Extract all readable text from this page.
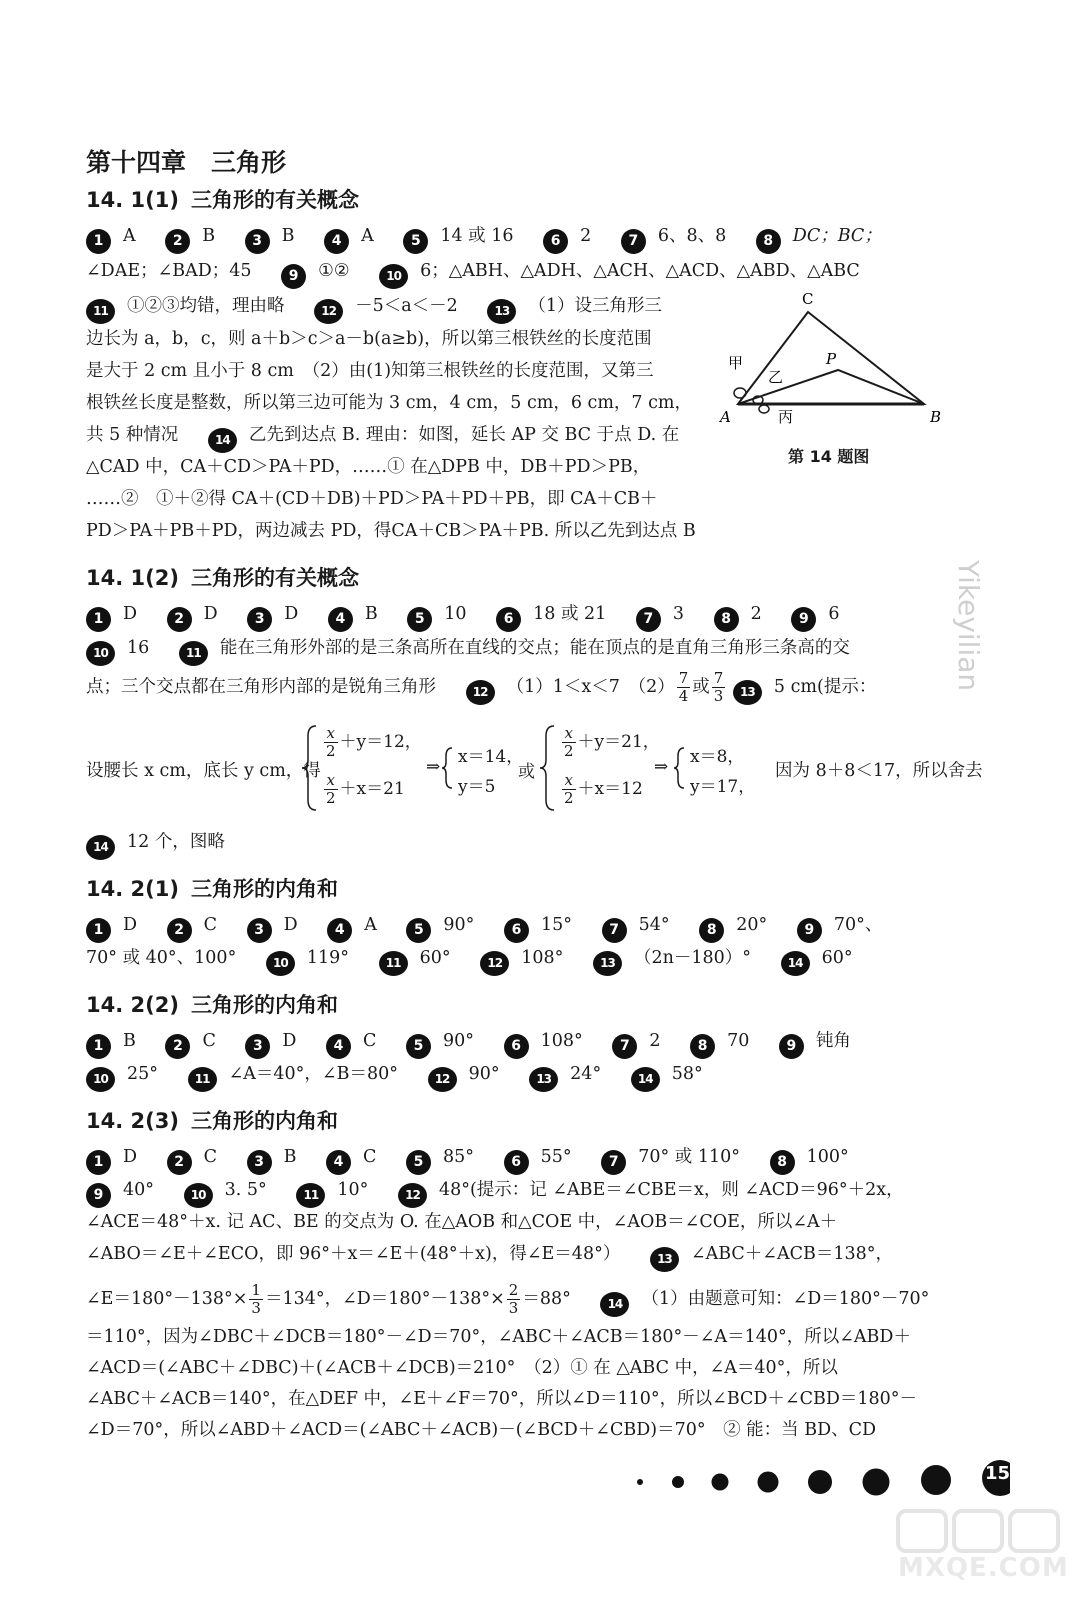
第十四章　三角形
14. 1(1) 三角形的有关概念
1 A	2 B	3 B	4 A	5 14 或 16	6 2	7 6、8、8	8 DC；BC；
∠DAE；∠BAD；45	9 ①②	10 6；△ABH、△ADH、△ACH、△ACD、△ABD、△ABC
11 ①②③均错，理由略	12 －5＜a＜－2	13 （1）设三角形三
边长为 a，b，c，则 a＋b＞c＞a－b(a≥b)，所以第三根铁丝的长度范围
是大于 2 cm 且小于 8 cm　（2）由(1)知第三根铁丝的长度范围，又第三
根铁丝长度是整数，所以第三边可能为 3 cm，4 cm，5 cm，6 cm，7 cm，
共 5 种情况	14 乙先到达点 B. 理由：如图，延长 AP 交 BC 于点 D. 在
△CAD 中，CA＋CD＞PA＋PD，……① 在△DPB 中，DB＋PD＞PB，
……②　①＋②得 CA＋(CD＋DB)＋PD＞PA＋PD＋PB，即 CA＋CB＋
PD＞PA＋PB＋PD，两边减去 PD，得CA＋CB＞PA＋PB. 所以乙先到达点 B
C
P
A	B
甲
乙
丙
第 14 题图
14. 1(2) 三角形的有关概念
1 D	2 D	3 D	4 B	5 10	6 18 或 21	7 3	8 2	9 6
10 16	11 能在三角形外部的是三条高所在直线的交点；能在顶点的是直角三角形三条高的交
点；三个交点都在三角形内部的是锐角三角形	12 （1）1＜x＜7　$(2) \frac{7}{4}$ 或 $\frac{7}{3} 13$ 5 cm(提示：
设腰长 x cm，底长 y cm，得
$\frac{x}{2} +y=12$，
$\frac{x}{2} +x=21$
⇒ x＝14，
y＝5
或
$\frac{x}{2} +y=21$，
$\frac{x}{2} +x=12$
⇒ x＝8，
y＝17，
因为 8＋8＜17，所以舍去
14 12 个，图略
14. 2(1) 三角形的内角和
1 D	2 C	3 D	4 A	5 90°	6 15°	7 54°	8 20°	9 70°、
70° 或 40°、100°	10 119°	11 60°	12 108°	13 （2n－180）°	14 60°
14. 2(2) 三角形的内角和
1 B	2 C	3 D	4 C	5 90°	6 108°	7 2	8 70	9 钝角
10 25°	11 ∠A＝40°，∠B＝80°	12 90°	13 24°	14 58°
14. 2(3) 三角形的内角和
1 D	2 C	3 B	4 C	5 85°	6 55°	7 70° 或 110°	8 100°
9 40°	10 3. 5°	11 10°	12 48°(提示：记 ∠ABE＝∠CBE＝x，则 ∠ACD＝96°＋2x，
∠ACE＝48°＋x. 记 AC、BE 的交点为 O. 在△AOB 和△COE 中，∠AOB＝∠COE，所以∠A＋
∠ABO＝∠E＋∠ECO，即 96°＋x＝∠E＋(48°＋x)，得∠E＝48°）	13 ∠ABC＋∠ACB＝138°，
∠E＝180°－138°× $\frac{1}{3} =134^\circ$，∠D＝180°－138°× $\frac{2}{3} =88^\circ$	14 （1）由题意可知：∠D＝180°－70°
＝110°，因为∠DBC＋∠DCB＝180°－∠D＝70°，∠ABC＋∠ACB＝180°－∠A＝140°，所以∠ABD＋
∠ACD＝(∠ABC＋∠DBC)＋(∠ACB＋∠DCB)＝210°　（2）① 在 △ABC 中，∠A＝40°，所以
∠ABC＋∠ACB＝140°，在△DEF 中，∠E＋∠F＝70°，所以∠D＝110°，所以∠BCD＋∠CBD＝180°－
∠D＝70°，所以∠ABD＋∠ACD＝(∠ABC＋∠ACB)－(∠BCD＋∠CBD)＝70°　② 能：当 BD、CD
Yikeyilian
157
MXQE.COM
